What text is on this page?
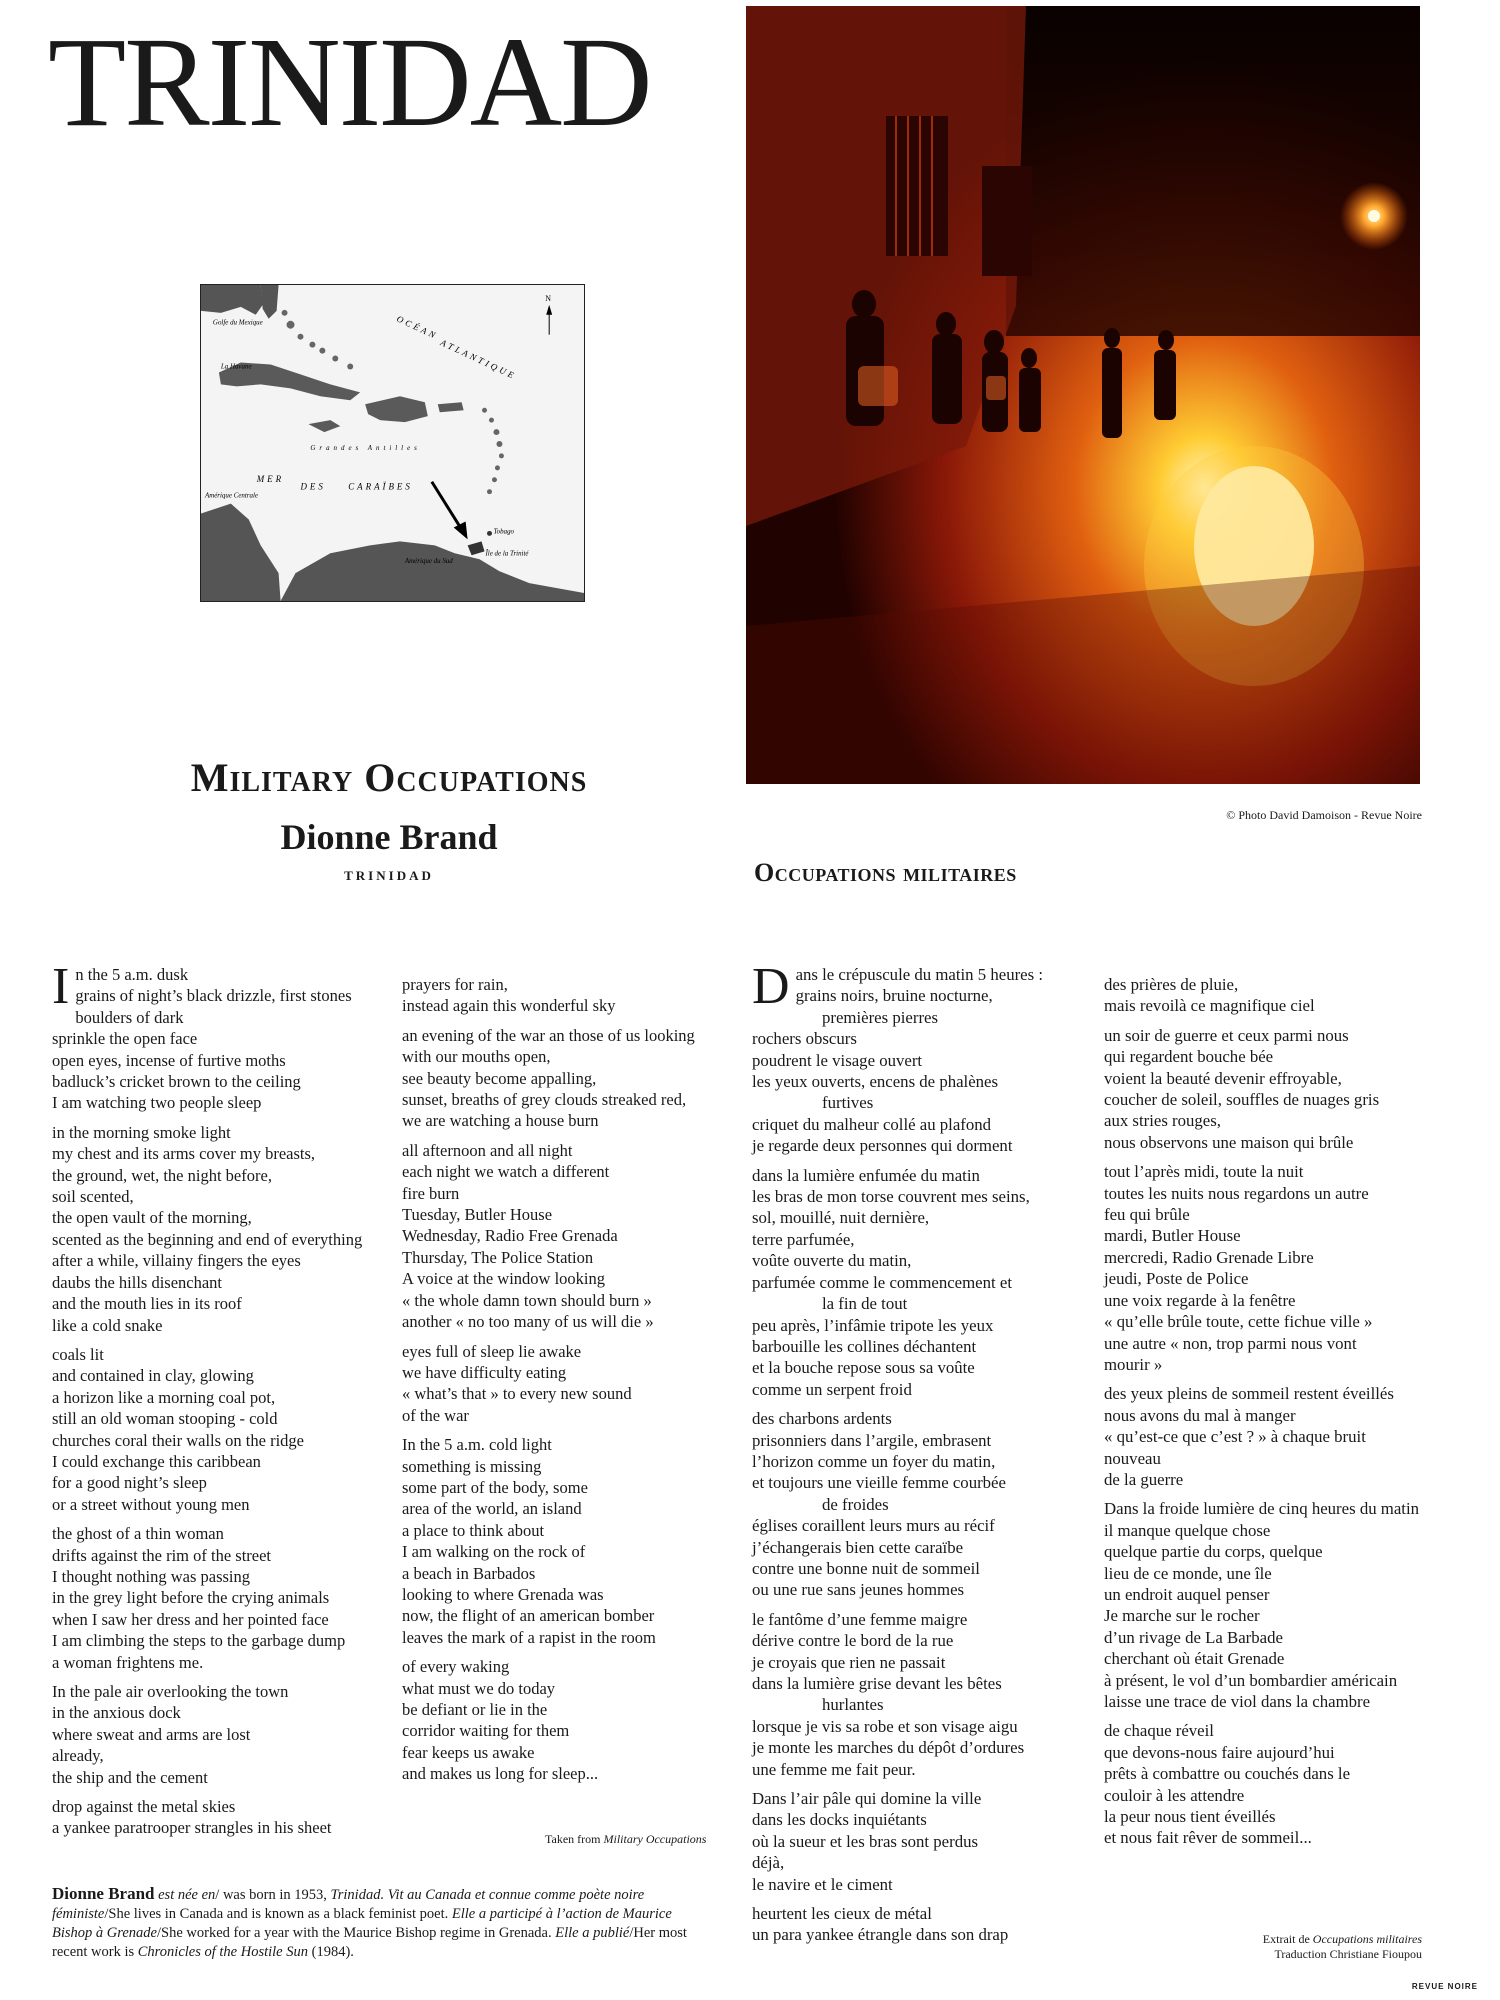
TRINIDAD
Golfe du Mexique
La Havane
Amérique Centrale
Amérique du Sud
Tobago
Île de la Trinité
Grandes Antilles
OCÉAN
ATLANTIQUE
MER
DES CARAÏBES
N
© Photo David Damoison - Revue Noire
Military Occupations
Dionne Brand
TRINIDAD	Occupations militaires
I n the 5 a.m. dusk
grains of night’s black drizzle, first stones
boulders of dark
sprinkle the open face
open eyes, incense of furtive moths
badluck’s cricket brown to the ceiling
I am watching two people sleep
in the morning smoke light
my chest and its arms cover my breasts,
the ground, wet, the night before,
soil scented,
the open vault of the morning,
scented as the beginning and end of everything
after a while, villainy fingers the eyes
daubs the hills disenchant
and the mouth lies in its roof
like a cold snake
coals lit
and contained in clay, glowing
a horizon like a morning coal pot,
still an old woman stooping - cold
churches coral their walls on the ridge
I could exchange this caribbean
for a good night’s sleep
or a street without young men
the ghost of a thin woman
drifts against the rim of the street
I thought nothing was passing
in the grey light before the crying animals
when I saw her dress and her pointed face
I am climbing the steps to the garbage dump
a woman frightens me.
In the pale air overlooking the town
in the anxious dock
where sweat and arms are lost
already,
the ship and the cement
drop against the metal skies
a yankee paratrooper strangles in his sheet
prayers for rain,
instead again this wonderful sky
an evening of the war an those of us looking
with our mouths open,
see beauty become appalling,
sunset, breaths of grey clouds streaked red,
we are watching a house burn
all afternoon and all night
each night we watch a different
fire burn
Tuesday, Butler House
Wednesday, Radio Free Grenada
Thursday, The Police Station
A voice at the window looking
« the whole damn town should burn »
another « no too many of us will die »
eyes full of sleep lie awake
we have difficulty eating
« what’s that » to every new sound
of the war
In the 5 a.m. cold light
something is missing
some part of the body, some
area of the world, an island
a place to think about
I am walking on the rock of
a beach in Barbados
looking to where Grenada was
now, the flight of an american bomber
leaves the mark of a rapist in the room
of every waking
what must we do today
be defiant or lie in the
corridor waiting for them
fear keeps us awake
and makes us long for sleep...
D ans le crépuscule du matin 5 heures :
grains noirs, bruine nocturne,
premières pierres
rochers obscurs
poudrent le visage ouvert
les yeux ouverts, encens de phalènes
furtives
criquet du malheur collé au plafond
je regarde deux personnes qui dorment
dans la lumière enfumée du matin
les bras de mon torse couvrent mes seins,
sol, mouillé, nuit dernière,
terre parfumée,
voûte ouverte du matin,
parfumée comme le commencement et
la fin de tout
peu après, l’infâmie tripote les yeux
barbouille les collines déchantent
et la bouche repose sous sa voûte
comme un serpent froid
des charbons ardents
prisonniers dans l’argile, embrasent
l’horizon comme un foyer du matin,
et toujours une vieille femme courbée
de froides
églises coraillent leurs murs au récif
j’échangerais bien cette caraïbe
contre une bonne nuit de sommeil
ou une rue sans jeunes hommes
le fantôme d’une femme maigre
dérive contre le bord de la rue
je croyais que rien ne passait
dans la lumière grise devant les bêtes
hurlantes
lorsque je vis sa robe et son visage aigu
je monte les marches du dépôt d’ordures
une femme me fait peur.
Dans l’air pâle qui domine la ville
dans les docks inquiétants
où la sueur et les bras sont perdus
déjà,
le navire et le ciment
heurtent les cieux de métal
un para yankee étrangle dans son drap
des prières de pluie,
mais revoilà ce magnifique ciel
un soir de guerre et ceux parmi nous
qui regardent bouche bée
voient la beauté devenir effroyable,
coucher de soleil, souffles de nuages gris
aux stries rouges,
nous observons une maison qui brûle
tout l’après midi, toute la nuit
toutes les nuits nous regardons un autre
feu qui brûle
mardi, Butler House
mercredi, Radio Grenade Libre
jeudi, Poste de Police
une voix regarde à la fenêtre
« qu’elle brûle toute, cette fichue ville »
une autre « non, trop parmi nous vont
mourir »
des yeux pleins de sommeil restent éveillés
nous avons du mal à manger
« qu’est-ce que c’est ? » à chaque bruit
nouveau
de la guerre
Dans la froide lumière de cinq heures du matin
il manque quelque chose
quelque partie du corps, quelque
lieu de ce monde, une île
un endroit auquel penser
Je marche sur le rocher
d’un rivage de La Barbade
cherchant où était Grenade
à présent, le vol d’un bombardier américain
laisse une trace de viol dans la chambre
de chaque réveil
que devons-nous faire aujourd’hui
prêts à combattre ou couchés dans le
couloir à les attendre
la peur nous tient éveillés
et nous fait rêver de sommeil...
Taken from Military Occupations
Dionne Brand est née en/ was born in 1953, Trinidad. Vit au Canada et connue comme poète noire féministe/She lives in Canada and is known as a black feminist poet. Elle a participé à l’action de Maurice Bishop à Grenade/She worked for a year with the Maurice Bishop regime in Grenada. Elle a publié/Her most recent work is Chronicles of the Hostile Sun (1984).
Extrait de Occupations militaires
Traduction Christiane Fioupou
REVUE NOIRE
